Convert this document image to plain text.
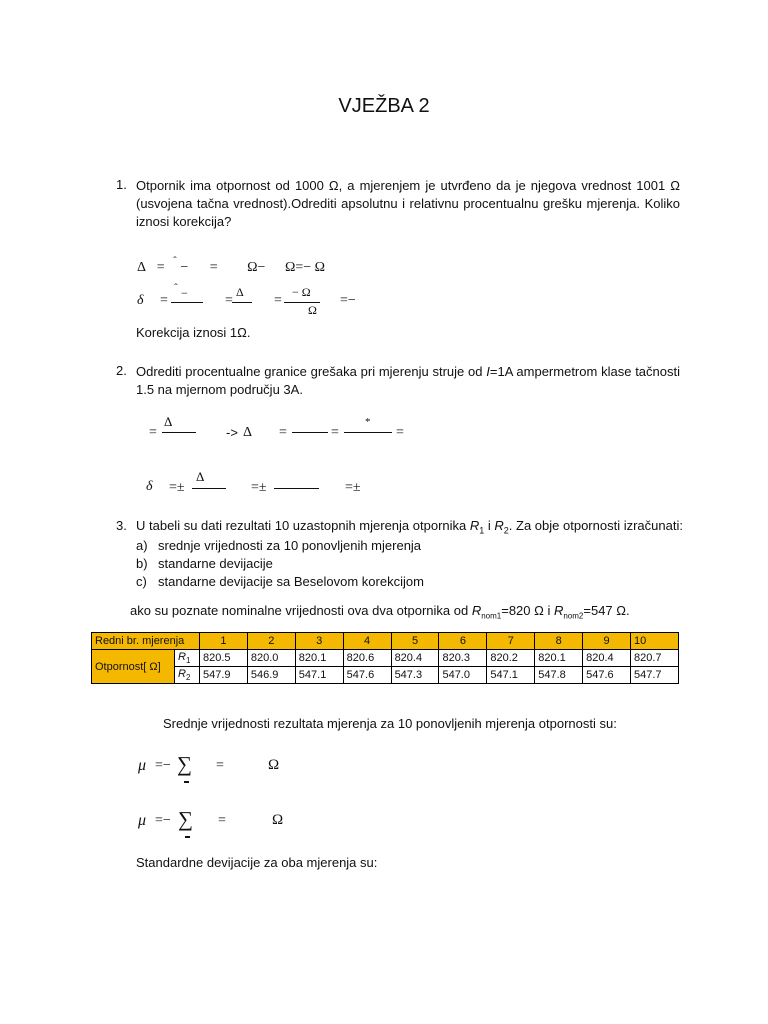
VJEŽBA 2
1. Otpornik ima otpornost od 1000 Ω, a mjerenjem je utvrđeno da je njegova vrednost 1001 Ω
(usvojena tačna vrednost).Odrediti apsolutnu i relativnu procentualnu grešku mjerenja. Koliko
iznosi korekcija?
Δ = $^ˆ$ − = Ω− Ω=− Ω
δ =
ˆ −	=
Δ
=
− Ω
Ω
=−
Korekcija iznosi 1Ω.
2. Odrediti procentualne granice grešaka pri mjerenju struje od I=1A ampermetrom klase tačnosti
1.5 na mjernom području 3A.
=
Δ
-> Δ =	=
*
=
δ =±
Δ
=±	=±
3. U tabeli su dati rezultati 10 uzastopnih mjerenja otpornika $R_1$ i $R_2$. Za obje otpornosti izračunati:
a) srednje vrijednosti za 10 ponovljenih mjerenja
b) standarne devijacije
c) standarne devijacije sa Beselovom korekcijom
ako su poznate nominalne vrijednosti ova dva otpornika od $R_{nom1}=820$ Ω i $R_{nom2}=547$ Ω.
Redni br. mjerenja		1	2	3	4	5	6	7	8	9	10
Otpornost[ Ω]	$R_1$	820.5	820.0	820.1	820.6	820.4	820.3	820.2	820.1	820.4	820.7
	$R_2$	547.9	546.9	547.1	547.6	547.3	547.0	547.1	547.8	547.6	547.7
Srednje vrijednosti rezultata mjerenja za 10 ponovljenih mjerenja otpornosti su:
μ =− ∑ =	Ω
μ =− ∑ =	Ω
Standardne devijacije za oba mjerenja su:
